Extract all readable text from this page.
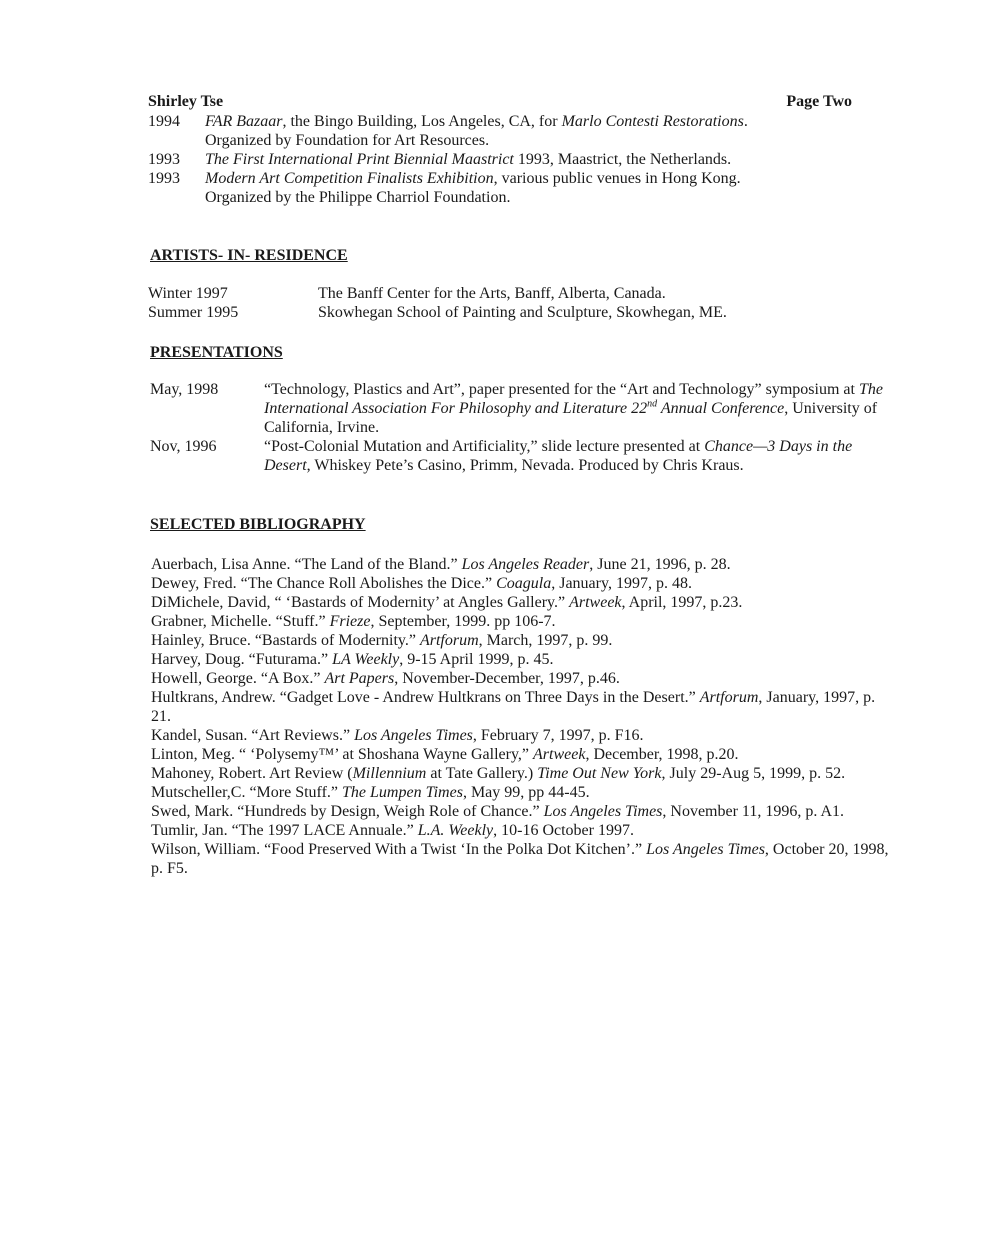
Shirley Tse	Page Two
1994	FAR Bazaar, the Bingo Building, Los Angeles, CA, for Marlo Contesti Restorations.
Organized by Foundation for Art Resources.
1993	The First International Print Biennial Maastrict 1993, Maastrict, the Netherlands.
1993	Modern Art Competition Finalists Exhibition, various public venues in Hong Kong.
Organized by the Philippe Charriol Foundation.
ARTISTS- IN- RESIDENCE
Winter 1997	The Banff Center for the Arts, Banff, Alberta, Canada.
Summer 1995	Skowhegan School of Painting and Sculpture, Skowhegan, ME.
PRESENTATIONS
May, 1998	“Technology, Plastics and Art”, paper presented for the “Art and Technology” symposium at The International Association For Philosophy and Literature 22nd Annual Conference, University of California, Irvine.
Nov, 1996	“Post-Colonial Mutation and Artificiality,” slide lecture presented at Chance—3 Days in the Desert, Whiskey Pete’s Casino, Primm, Nevada. Produced by Chris Kraus.
SELECTED BIBLIOGRAPHY
Auerbach, Lisa Anne. “The Land of the Bland.” Los Angeles Reader, June 21, 1996, p. 28.
Dewey, Fred. “The Chance Roll Abolishes the Dice.” Coagula, January, 1997, p. 48.
DiMichele, David, “ ‘Bastards of Modernity’ at Angles Gallery.” Artweek, April, 1997, p.23.
Grabner, Michelle. “Stuff.” Frieze, September, 1999. pp 106-7.
Hainley, Bruce. “Bastards of Modernity.” Artforum, March, 1997, p. 99.
Harvey, Doug. “Futurama.” LA Weekly, 9-15 April 1999, p. 45.
Howell, George. “A Box.” Art Papers, November-December, 1997, p.46.
Hultkrans, Andrew. “Gadget Love - Andrew Hultkrans on Three Days in the Desert.” Artforum, January, 1997, p. 21.
Kandel, Susan. “Art Reviews.” Los Angeles Times, February 7, 1997, p. F16.
Linton, Meg. “ ‘Polysemy™’ at Shoshana Wayne Gallery,” Artweek, December, 1998, p.20.
Mahoney, Robert. Art Review (Millennium at Tate Gallery.) Time Out New York, July 29-Aug 5, 1999, p. 52.
Mutscheller,C. “More Stuff.” The Lumpen Times, May 99, pp 44-45.
Swed, Mark. “Hundreds by Design, Weigh Role of Chance.” Los Angeles Times, November 11, 1996, p. A1.
Tumlir, Jan. “The 1997 LACE Annuale.” L.A. Weekly, 10-16 October 1997.
Wilson, William. “Food Preserved With a Twist ‘In the Polka Dot Kitchen’.” Los Angeles Times, October 20, 1998, p. F5.
